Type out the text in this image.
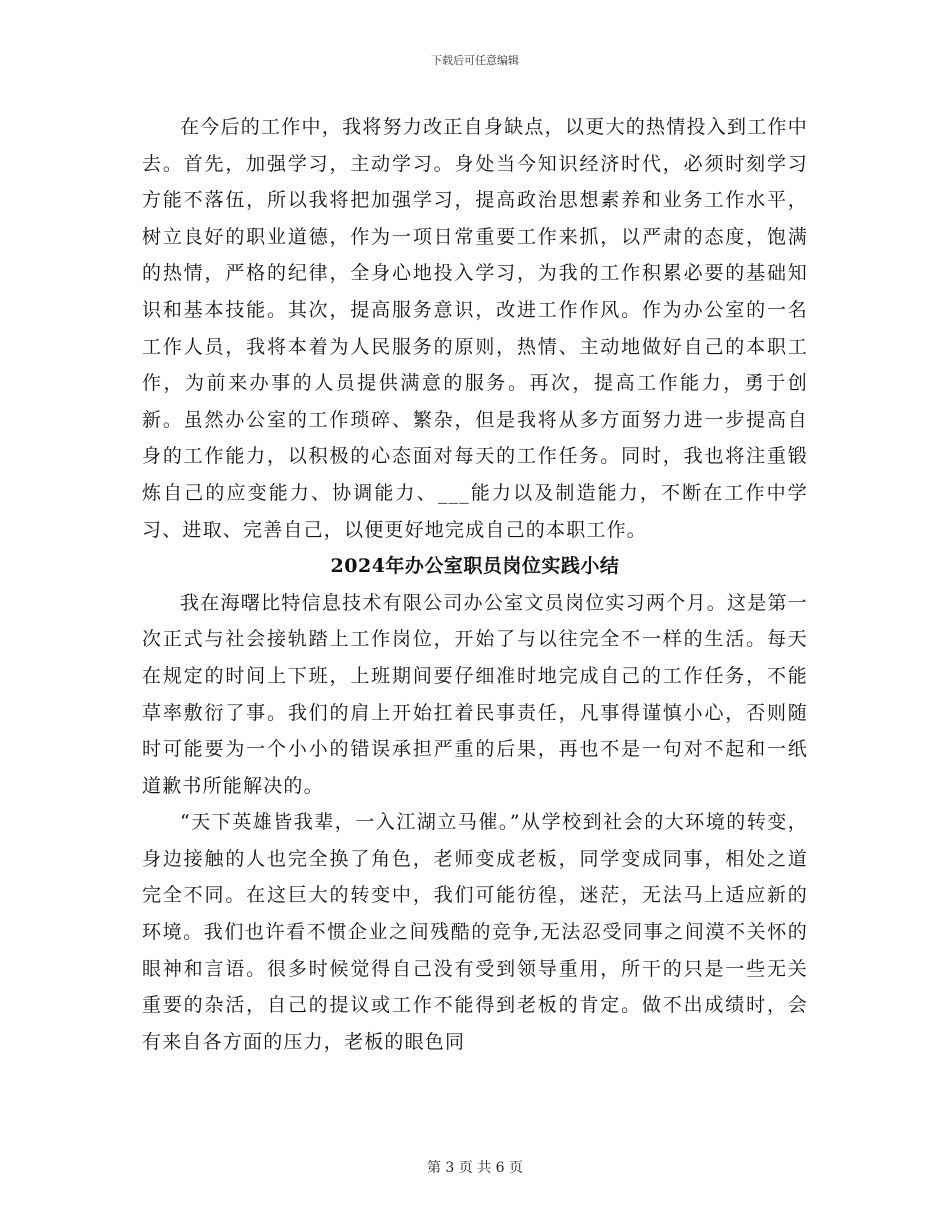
下载后可任意编辑

在今后的工作中，我将努力改正自身缺点，以更大的热情投入到工作中去。首先，加强学习，主动学习。身处当今知识经济时代，必须时刻学习方能不落伍，所以我将把加强学习，提高政治思想素养和业务工作水平，树立良好的职业道德，作为一项日常重要工作来抓，以严肃的态度，饱满的热情，严格的纪律，全身心地投入学习，为我的工作积累必要的基础知识和基本技能。其次，提高服务意识，改进工作作风。作为办公室的一名工作人员，我将本着为人民服务的原则，热情、主动地做好自己的本职工作，为前来办事的人员提供满意的服务。再次，提高工作能力，勇于创新。虽然办公室的工作琐碎、繁杂，但是我将从多方面努力进一步提高自身的工作能力，以积极的心态面对每天的工作任务。同时，我也将注重锻炼自己的应变能力、协调能力、___能力以及制造能力，不断在工作中学习、进取、完善自己，以便更好地完成自己的本职工作。

2024年办公室职员岗位实践小结

我在海曙比特信息技术有限公司办公室文员岗位实习两个月。这是第一次正式与社会接轨踏上工作岗位，开始了与以往完全不一样的生活。每天在规定的时间上下班，上班期间要仔细准时地完成自己的工作任务，不能草率敷衍了事。我们的肩上开始扛着民事责任，凡事得谨慎小心，否则随时可能要为一个小小的错误承担严重的后果，再也不是一句对不起和一纸道歉书所能解决的。

“天下英雄皆我辈，一入江湖立马催。”从学校到社会的大环境的转变，身边接触的人也完全换了角色，老师变成老板，同学变成同事，相处之道完全不同。在这巨大的转变中，我们可能彷徨，迷茫，无法马上适应新的环境。我们也许看不惯企业之间残酷的竞争,无法忍受同事之间漠不关怀的眼神和言语。很多时候觉得自己没有受到领导重用，所干的只是一些无关重要的杂活，自己的提议或工作不能得到老板的肯定。做不出成绩时，会有来自各方面的压力，老板的眼色同

第 3 页 共 6 页
